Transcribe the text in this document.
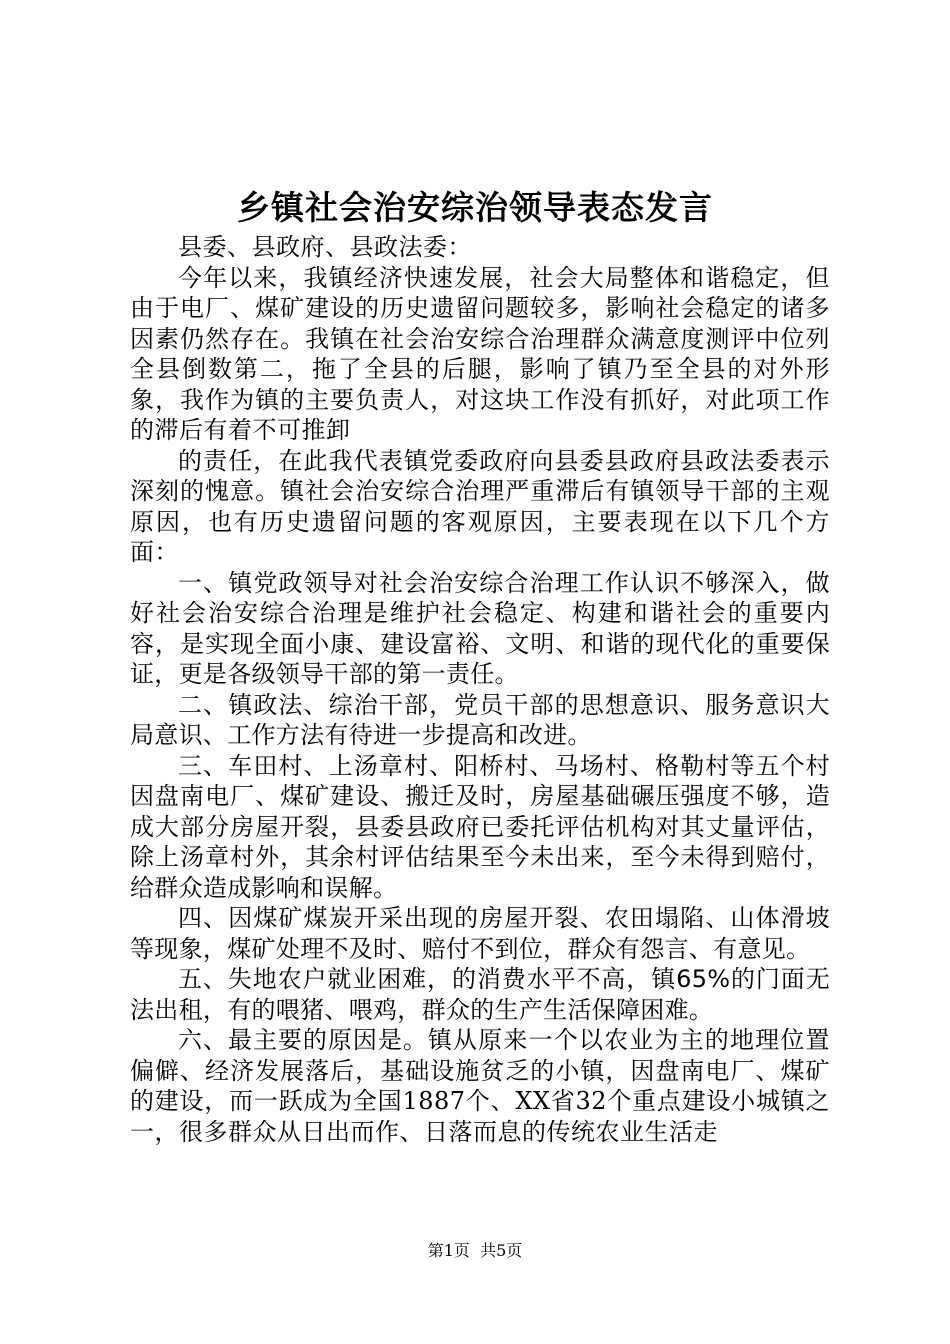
乡镇社会治安综治领导表态发言

县委、县政府、县政法委：

今年以来，我镇经济快速发展，社会大局整体和谐稳定，但由于电厂、煤矿建设的历史遗留问题较多，影响社会稳定的诸多因素仍然存在。我镇在社会治安综合治理群众满意度测评中位列全县倒数第二，拖了全县的后腿，影响了镇乃至全县的对外形象，我作为镇的主要负责人，对这块工作没有抓好，对此项工作的滞后有着不可推卸

的责任，在此我代表镇党委政府向县委县政府县政法委表示深刻的愧意。镇社会治安综合治理严重滞后有镇领导干部的主观原因，也有历史遗留问题的客观原因，主要表现在以下几个方面：

一、镇党政领导对社会治安综合治理工作认识不够深入，做好社会治安综合治理是维护社会稳定、构建和谐社会的重要内容，是实现全面小康、建设富裕、文明、和谐的现代化的重要保证，更是各级领导干部的第一责任。

二、镇政法、综治干部，党员干部的思想意识、服务意识大局意识、工作方法有待进一步提高和改进。

三、车田村、上汤章村、阳桥村、马场村、格勒村等五个村因盘南电厂、煤矿建设、搬迁及时，房屋基础碾压强度不够，造成大部分房屋开裂，县委县政府已委托评估机构对其丈量评估，除上汤章村外，其余村评估结果至今未出来，至今未得到赔付，给群众造成影响和误解。

四、因煤矿煤炭开采出现的房屋开裂、农田塌陷、山体滑坡等现象，煤矿处理不及时、赔付不到位，群众有怨言、有意见。

五、失地农户就业困难，的消费水平不高，镇65%的门面无法出租，有的喂猪、喂鸡，群众的生产生活保障困难。

六、最主要的原因是。镇从原来一个以农业为主的地理位置偏僻、经济发展落后，基础设施贫乏的小镇，因盘南电厂、煤矿的建设，而一跃成为全国1887个、XX省32个重点建设小城镇之一，很多群众从日出而作、日落而息的传统农业生活走

第1页  共5页
